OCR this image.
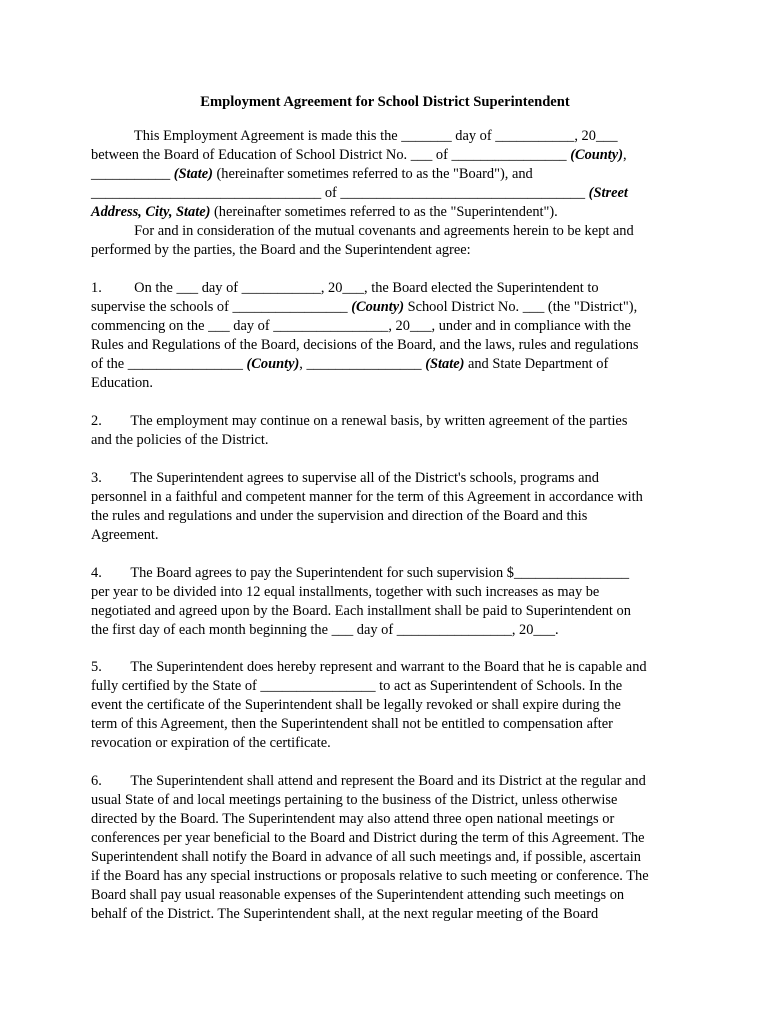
Employment Agreement for School District Superintendent
This Employment Agreement is made this the _______ day of ___________, 20___
between the Board of Education of School District No. ___ of ________________ (County),
___________ (State) (hereinafter sometimes referred to as the "Board"), and
________________________________ of __________________________________ (Street
Address, City, State) (hereinafter sometimes referred to as the "Superintendent").
For and in consideration of the mutual covenants and agreements herein to be kept and
performed by the parties, the Board and the Superintendent agree:
1.         On the ___ day of ___________, 20___, the Board elected the Superintendent to
supervise the schools of ________________ (County) School District No. ___ (the "District"),
commencing on the ___ day of ________________, 20___, under and in compliance with the
Rules and Regulations of the Board, decisions of the Board, and the laws, rules and regulations
of the ________________ (County), ________________ (State) and State Department of
Education.
2.        The employment may continue on a renewal basis, by written agreement of the parties
and the policies of the District.
3.        The Superintendent agrees to supervise all of the District's schools, programs and
personnel in a faithful and competent manner for the term of this Agreement in accordance with
the rules and regulations and under the supervision and direction of the Board and this
Agreement.
4.        The Board agrees to pay the Superintendent for such supervision $________________
per year to be divided into 12 equal installments, together with such increases as may be
negotiated and agreed upon by the Board. Each installment shall be paid to Superintendent on
the first day of each month beginning the ___ day of ________________, 20___.
5.        The Superintendent does hereby represent and warrant to the Board that he is capable and
fully certified by the State of ________________ to act as Superintendent of Schools. In the
event the certificate of the Superintendent shall be legally revoked or shall expire during the
term of this Agreement, then the Superintendent shall not be entitled to compensation after
revocation or expiration of the certificate.
6.        The Superintendent shall attend and represent the Board and its District at the regular and
usual State of and local meetings pertaining to the business of the District, unless otherwise
directed by the Board. The Superintendent may also attend three open national meetings or
conferences per year beneficial to the Board and District during the term of this Agreement. The
Superintendent shall notify the Board in advance of all such meetings and, if possible, ascertain
if the Board has any special instructions or proposals relative to such meeting or conference. The
Board shall pay usual reasonable expenses of the Superintendent attending such meetings on
behalf of the District. The Superintendent shall, at the next regular meeting of the Board
